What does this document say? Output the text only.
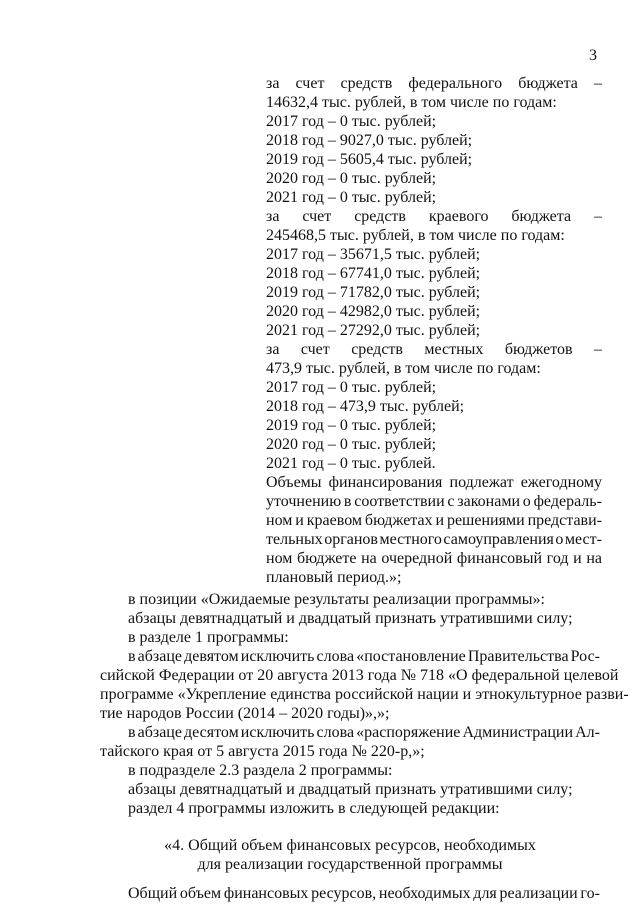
3
за счет средств федерального бюджета –
14632,4 тыс. рублей, в том числе по годам:
2017 год – 0 тыс. рублей;
2018 год – 9027,0 тыс. рублей;
2019 год – 5605,4 тыс. рублей;
2020 год – 0 тыс. рублей;
2021 год – 0 тыс. рублей;
за счет средств краевого бюджета –
245468,5 тыс. рублей, в том числе по годам:
2017 год – 35671,5 тыс. рублей;
2018 год – 67741,0 тыс. рублей;
2019 год – 71782,0 тыс. рублей;
2020 год – 42982,0 тыс. рублей;
2021 год – 27292,0 тыс. рублей;
за счет средств местных бюджетов –
473,9 тыс. рублей, в том числе по годам:
2017 год – 0 тыс. рублей;
2018 год – 473,9 тыс. рублей;
2019 год – 0 тыс. рублей;
2020 год – 0 тыс. рублей;
2021 год – 0 тыс. рублей.
Объемы финансирования подлежат ежегодному
уточнению в соответствии с законами о федераль-
ном и краевом бюджетах и решениями представи-
тельных органов местного самоуправления о мест-
ном бюджете на очередной финансовый год и на
плановый период.»;
в позиции «Ожидаемые результаты реализации программы»:
абзацы девятнадцатый и двадцатый признать утратившими силу;
в разделе 1 программы:
в абзаце девятом исключить слова «постановление Правительства Рос-
сийской Федерации от 20 августа 2013 года № 718 «О федеральной целевой
программе «Укрепление единства российской нации и этнокультурное разви-
тие народов России (2014 – 2020 годы)»,»;
в абзаце десятом исключить слова «распоряжение Администрации Ал-
тайского края от 5 августа 2015 года № 220-р,»;
в подразделе 2.3 раздела 2 программы:
абзацы девятнадцатый и двадцатый признать утратившими силу;
раздел 4 программы изложить в следующей редакции:
«4. Общий объем финансовых ресурсов, необходимых
для реализации государственной программы
Общий объем финансовых ресурсов, необходимых для реализации го-
